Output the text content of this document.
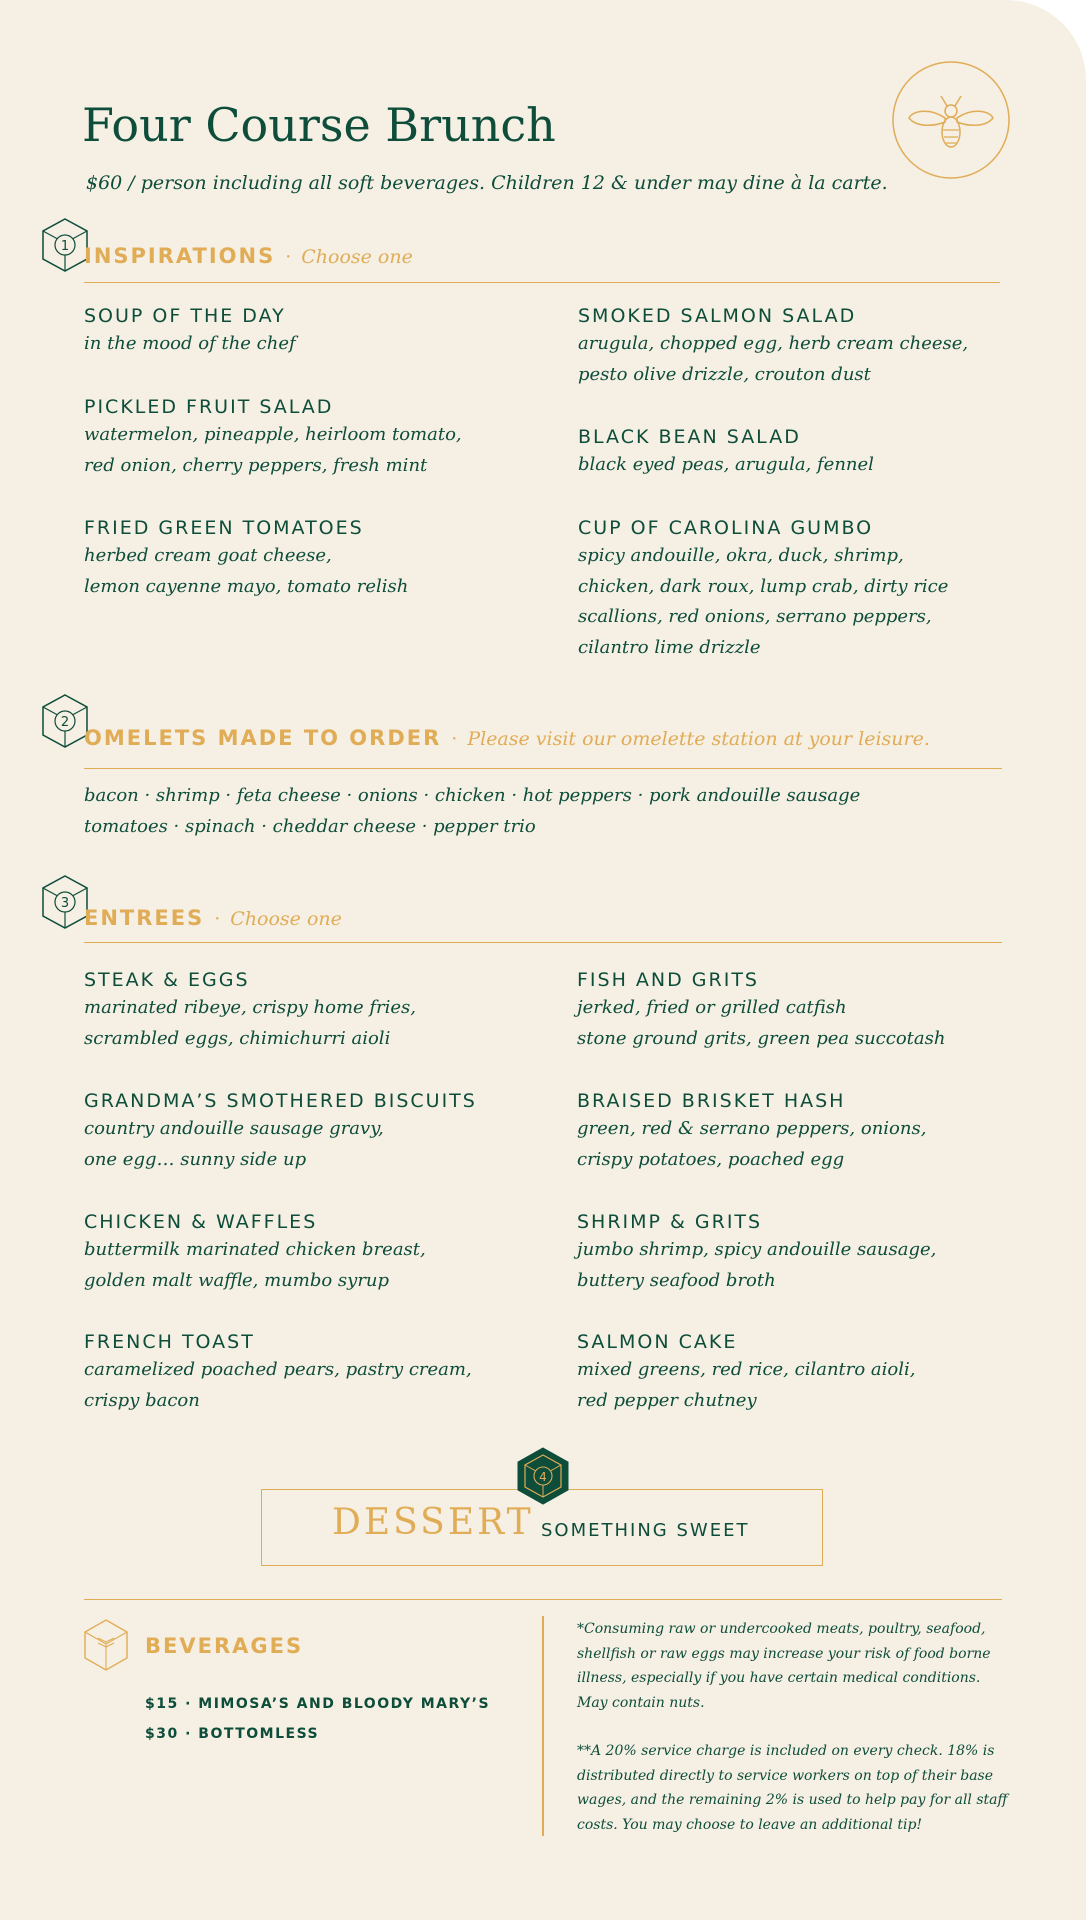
Four Course Brunch
$60 / person including all soft beverages. Children 12 & under may dine à la carte.
1 INSPIRATIONS · Choose one
SOUP OF THE DAY
in the mood of the chef
PICKLED FRUIT SALAD
watermelon, pineapple, heirloom tomato,
red onion, cherry peppers, fresh mint
FRIED GREEN TOMATOES
herbed cream goat cheese,
lemon cayenne mayo, tomato relish
SMOKED SALMON SALAD
arugula, chopped egg, herb cream cheese,
pesto olive drizzle, crouton dust
BLACK BEAN SALAD
black eyed peas, arugula, fennel
CUP OF CAROLINA GUMBO
spicy andouille, okra, duck, shrimp,
chicken, dark roux, lump crab, dirty rice
scallions, red onions, serrano peppers,
cilantro lime drizzle
2
OMELETS MADE TO ORDER · Please visit our omelette station at your leisure.
bacon · shrimp · feta cheese · onions · chicken · hot peppers · pork andouille sausage
tomatoes · spinach · cheddar cheese · pepper trio
3
ENTREES · Choose one
STEAK & EGGS
marinated ribeye, crispy home fries,
scrambled eggs, chimichurri aioli
GRANDMA’S SMOTHERED BISCUITS
country andouille sausage gravy,
one egg… sunny side up
CHICKEN & WAFFLES
buttermilk marinated chicken breast,
golden malt waffle, mumbo syrup
FRENCH TOAST
caramelized poached pears, pastry cream,
crispy bacon
FISH AND GRITS
jerked, fried or grilled catfish
stone ground grits, green pea succotash
BRAISED BRISKET HASH
green, red & serrano peppers, onions,
crispy potatoes, poached egg
SHRIMP & GRITS
jumbo shrimp, spicy andouille sausage,
buttery seafood broth
SALMON CAKE
mixed greens, red rice, cilantro aioli,
red pepper chutney
4
DESSERT SOMETHING SWEET
BEVERAGES
$15 · MIMOSA’S AND BLOODY MARY’S
$30 · BOTTOMLESS
*Consuming raw or undercooked meats, poultry, seafood,
shellfish or raw eggs may increase your risk of food borne
illness, especially if you have certain medical conditions.
May contain nuts.
**A 20% service charge is included on every check. 18% is
distributed directly to service workers on top of their base
wages, and the remaining 2% is used to help pay for all staff
costs. You may choose to leave an additional tip!
